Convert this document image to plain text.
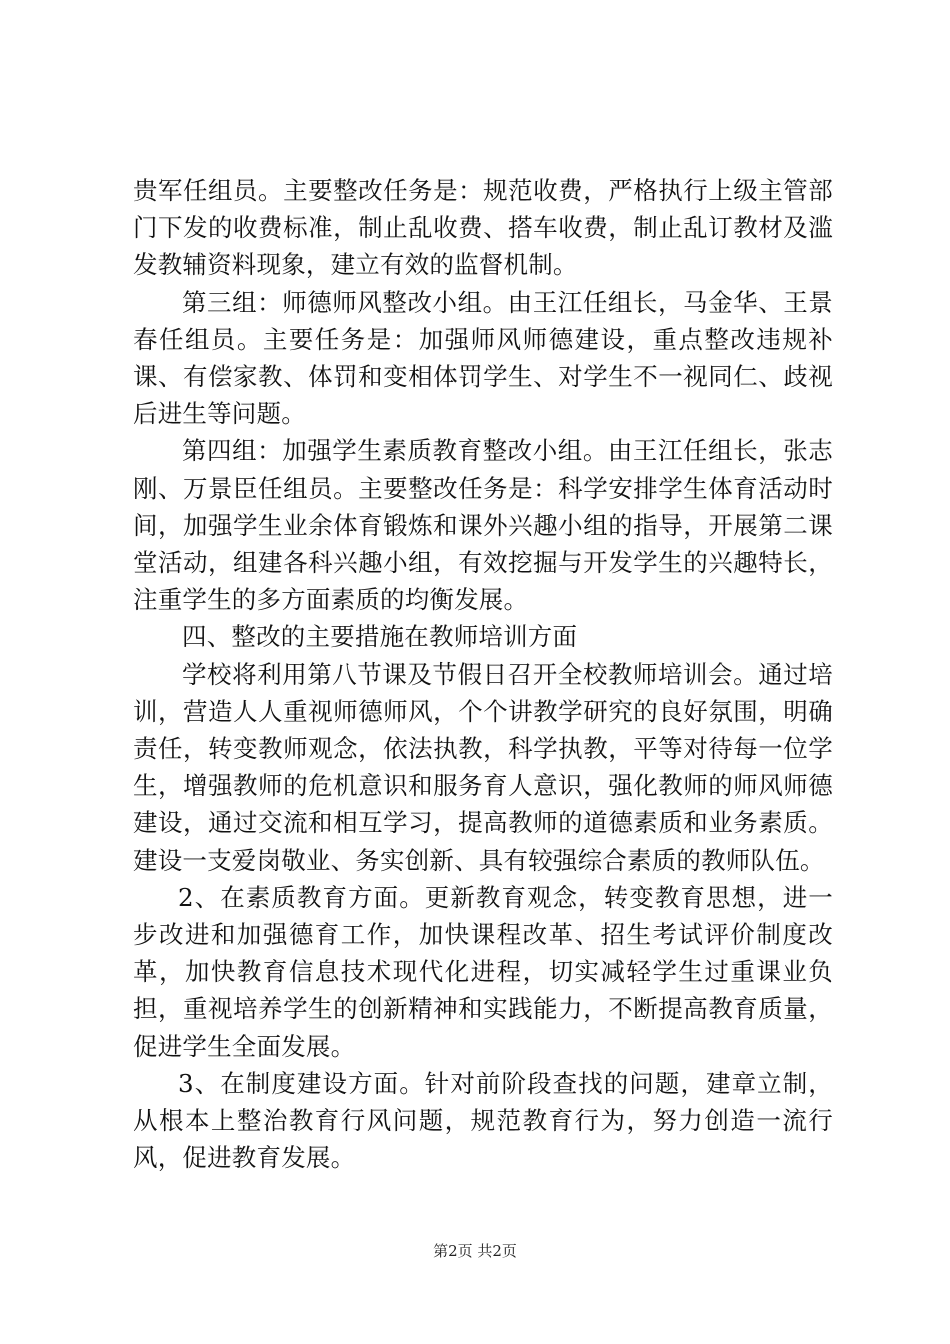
贵军任组员。主要整改任务是：规范收费，严格执行上级主管部门下发的收费标准，制止乱收费、搭车收费，制止乱订教材及滥发教辅资料现象，建立有效的监督机制。

第三组：师德师风整改小组。由王江任组长，马金华、王景春任组员。主要任务是：加强师风师德建设，重点整改违规补课、有偿家教、体罚和变相体罚学生、对学生不一视同仁、歧视后进生等问题。

第四组：加强学生素质教育整改小组。由王江任组长，张志刚、万景臣任组员。主要整改任务是：科学安排学生体育活动时间，加强学生业余体育锻炼和课外兴趣小组的指导，开展第二课堂活动，组建各科兴趣小组，有效挖掘与开发学生的兴趣特长，注重学生的多方面素质的均衡发展。

四、整改的主要措施在教师培训方面

学校将利用第八节课及节假日召开全校教师培训会。通过培训，营造人人重视师德师风，个个讲教学研究的良好氛围，明确责任，转变教师观念，依法执教，科学执教，平等对待每一位学生，增强教师的危机意识和服务育人意识，强化教师的师风师德建设，通过交流和相互学习，提高教师的道德素质和业务素质。建设一支爱岗敬业、务实创新、具有较强综合素质的教师队伍。

2、在素质教育方面。更新教育观念，转变教育思想，进一步改进和加强德育工作，加快课程改革、招生考试评价制度改革，加快教育信息技术现代化进程，切实减轻学生过重课业负担，重视培养学生的创新精神和实践能力，不断提高教育质量，促进学生全面发展。

3、在制度建设方面。针对前阶段查找的问题，建章立制，从根本上整治教育行风问题，规范教育行为，努力创造一流行风，促进教育发展。

第2页 共2页
